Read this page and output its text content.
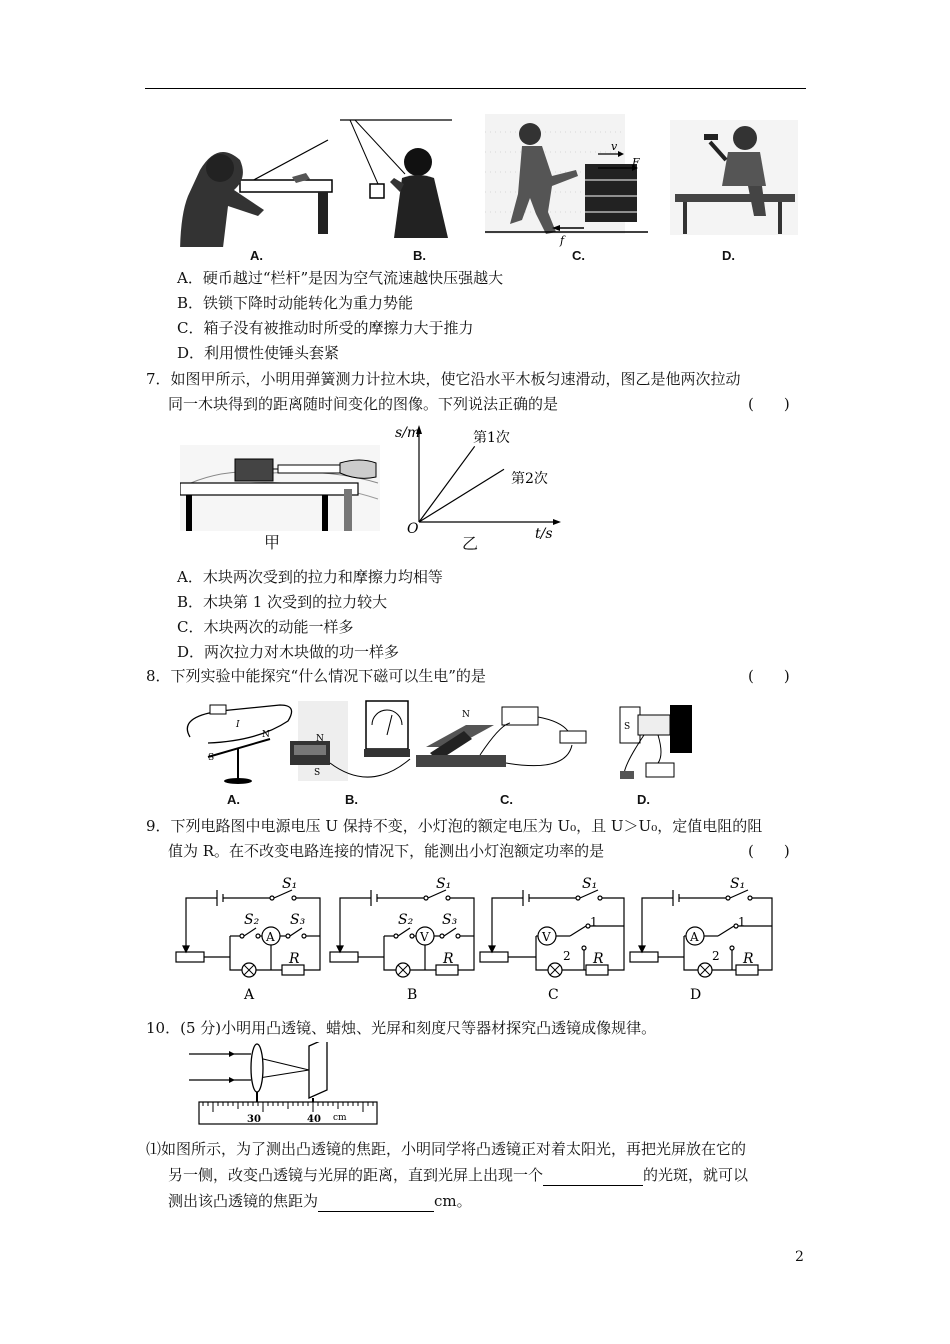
v
F
f
A.	B.	C.	D.
A．硬币越过“栏杆”是因为空气流速越快压强越大
B．铁锁下降时动能转化为重力势能
C．箱子没有被推动时所受的摩擦力大于推力
D．利用惯性使锤头套紧
7．如图甲所示，小明用弹簧测力计拉木块，使它沿水平木板匀速滑动，图乙是他两次拉动
同一木块得到的距离随时间变化的图像。下列说法正确的是	(　　)
甲
O	t/s
s/m	第1次
第2次
乙
A．木块两次受到的拉力和摩擦力均相等
B．木块第 1 次受到的拉力较大
C．木块两次的动能一样多
D．两次拉力对木块做的功一样多
8．下列实验中能探究“什么情况下磁可以生电”的是	(　　)
S
N
I
N
S
N
S
A.	B.	C.	D.
9．下列电路图中电源电压 U 保持不变，小灯泡的额定电压为 U₀，且 U＞U₀，定值电阻的阻
值为 R。在不改变电路连接的情况下，能测出小灯泡额定功率的是	(　　)
A
S₁
S₂ S₃
R
A
V
S₁
S₂ S₃
R
B
V
S₁
1
2 R
C
A
S₁
1
2 R
D
10．(5 分)小明用凸透镜、蜡烛、光屏和刻度尺等器材探究凸透镜成像规律。
30	40 cm
⑴如图所示，为了测出凸透镜的焦距，小明同学将凸透镜正对着太阳光，再把光屏放在它的
另一侧，改变凸透镜与光屏的距离，直到光屏上出现一个	的光斑，就可以
测出该凸透镜的焦距为	cm。
2
